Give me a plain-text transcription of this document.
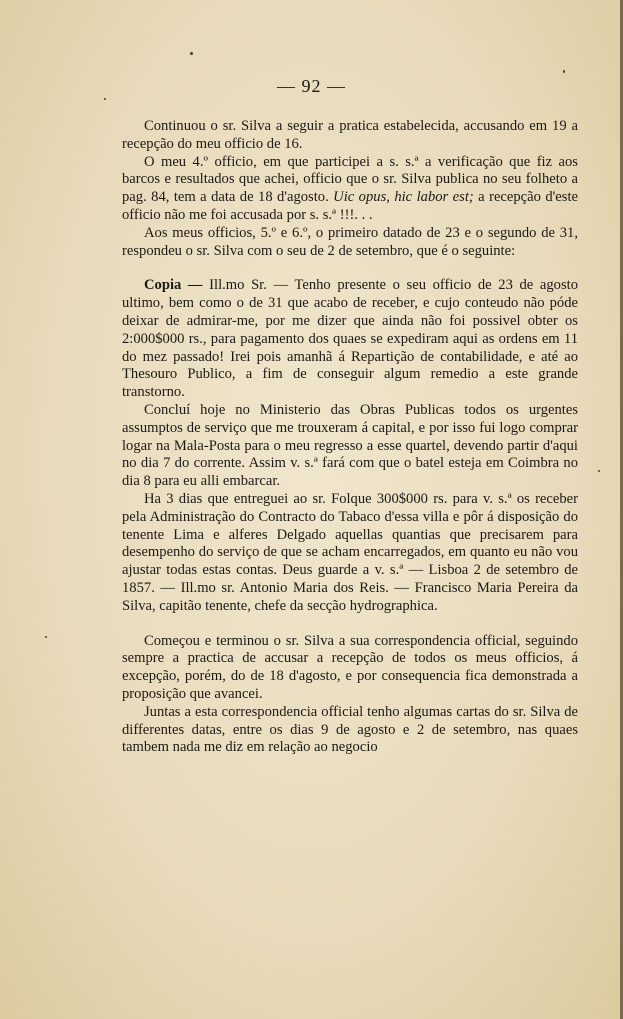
— 92 —

Continuou o sr. Silva a seguir a pratica estabelecida, accusando em 19 a recepção do meu officio de 16.

O meu 4.º officio, em que participei a s. s.ª a verificação que fiz aos barcos e resultados que achei, officio que o sr. Silva publica no seu folheto a pag. 84, tem a data de 18 d'agosto. Uic opus, hic labor est; a recepção d'este officio não me foi accusada por s. s.ª !!!. . .

Aos meus officios, 5.º e 6.º, o primeiro datado de 23 e o segundo de 31, respondeu o sr. Silva com o seu de 2 de setembro, que é o seguinte:

Copia — Ill.mo Sr. — Tenho presente o seu officio de 23 de agosto ultimo, bem como o de 31 que acabo de receber, e cujo conteudo não póde deixar de admirar-me, por me dizer que ainda não foi possivel obter os 2:000$000 rs., para pagamento dos quaes se expediram aqui as ordens em 11 do mez passado! Irei pois amanhã á Repartição de contabilidade, e até ao Thesouro Publico, a fim de conseguir algum remedio a este grande transtorno.

Concluí hoje no Ministerio das Obras Publicas todos os urgentes assumptos de serviço que me trouxeram á capital, e por isso fui logo comprar logar na Mala-Posta para o meu regresso a esse quartel, devendo partir d'aqui no dia 7 do corrente. Assim v. s.ª fará com que o batel esteja em Coimbra no dia 8 para eu alli embarcar.

Ha 3 dias que entreguei ao sr. Folque 300$000 rs. para v. s.ª os receber pela Administração do Contracto do Tabaco d'essa villa e pôr á disposição do tenente Lima e alferes Delgado aquellas quantias que precisarem para desempenho do serviço de que se acham encarregados, em quanto eu não vou ajustar todas estas contas. Deus guarde a v. s.ª — Lisboa 2 de setembro de 1857. — Ill.mo sr. Antonio Maria dos Reis. — Francisco Maria Pereira da Silva, capitão tenente, chefe da secção hydrographica.

Começou e terminou o sr. Silva a sua correspondencia official, seguindo sempre a practica de accusar a recepção de todos os meus officios, á excepção, porém, do de 18 d'agosto, e por consequencia fica demonstrada a proposição que avancei.

Juntas a esta correspondencia official tenho algumas cartas do sr. Silva de differentes datas, entre os dias 9 de agosto e 2 de setembro, nas quaes tambem nada me diz em relação ao negocio
